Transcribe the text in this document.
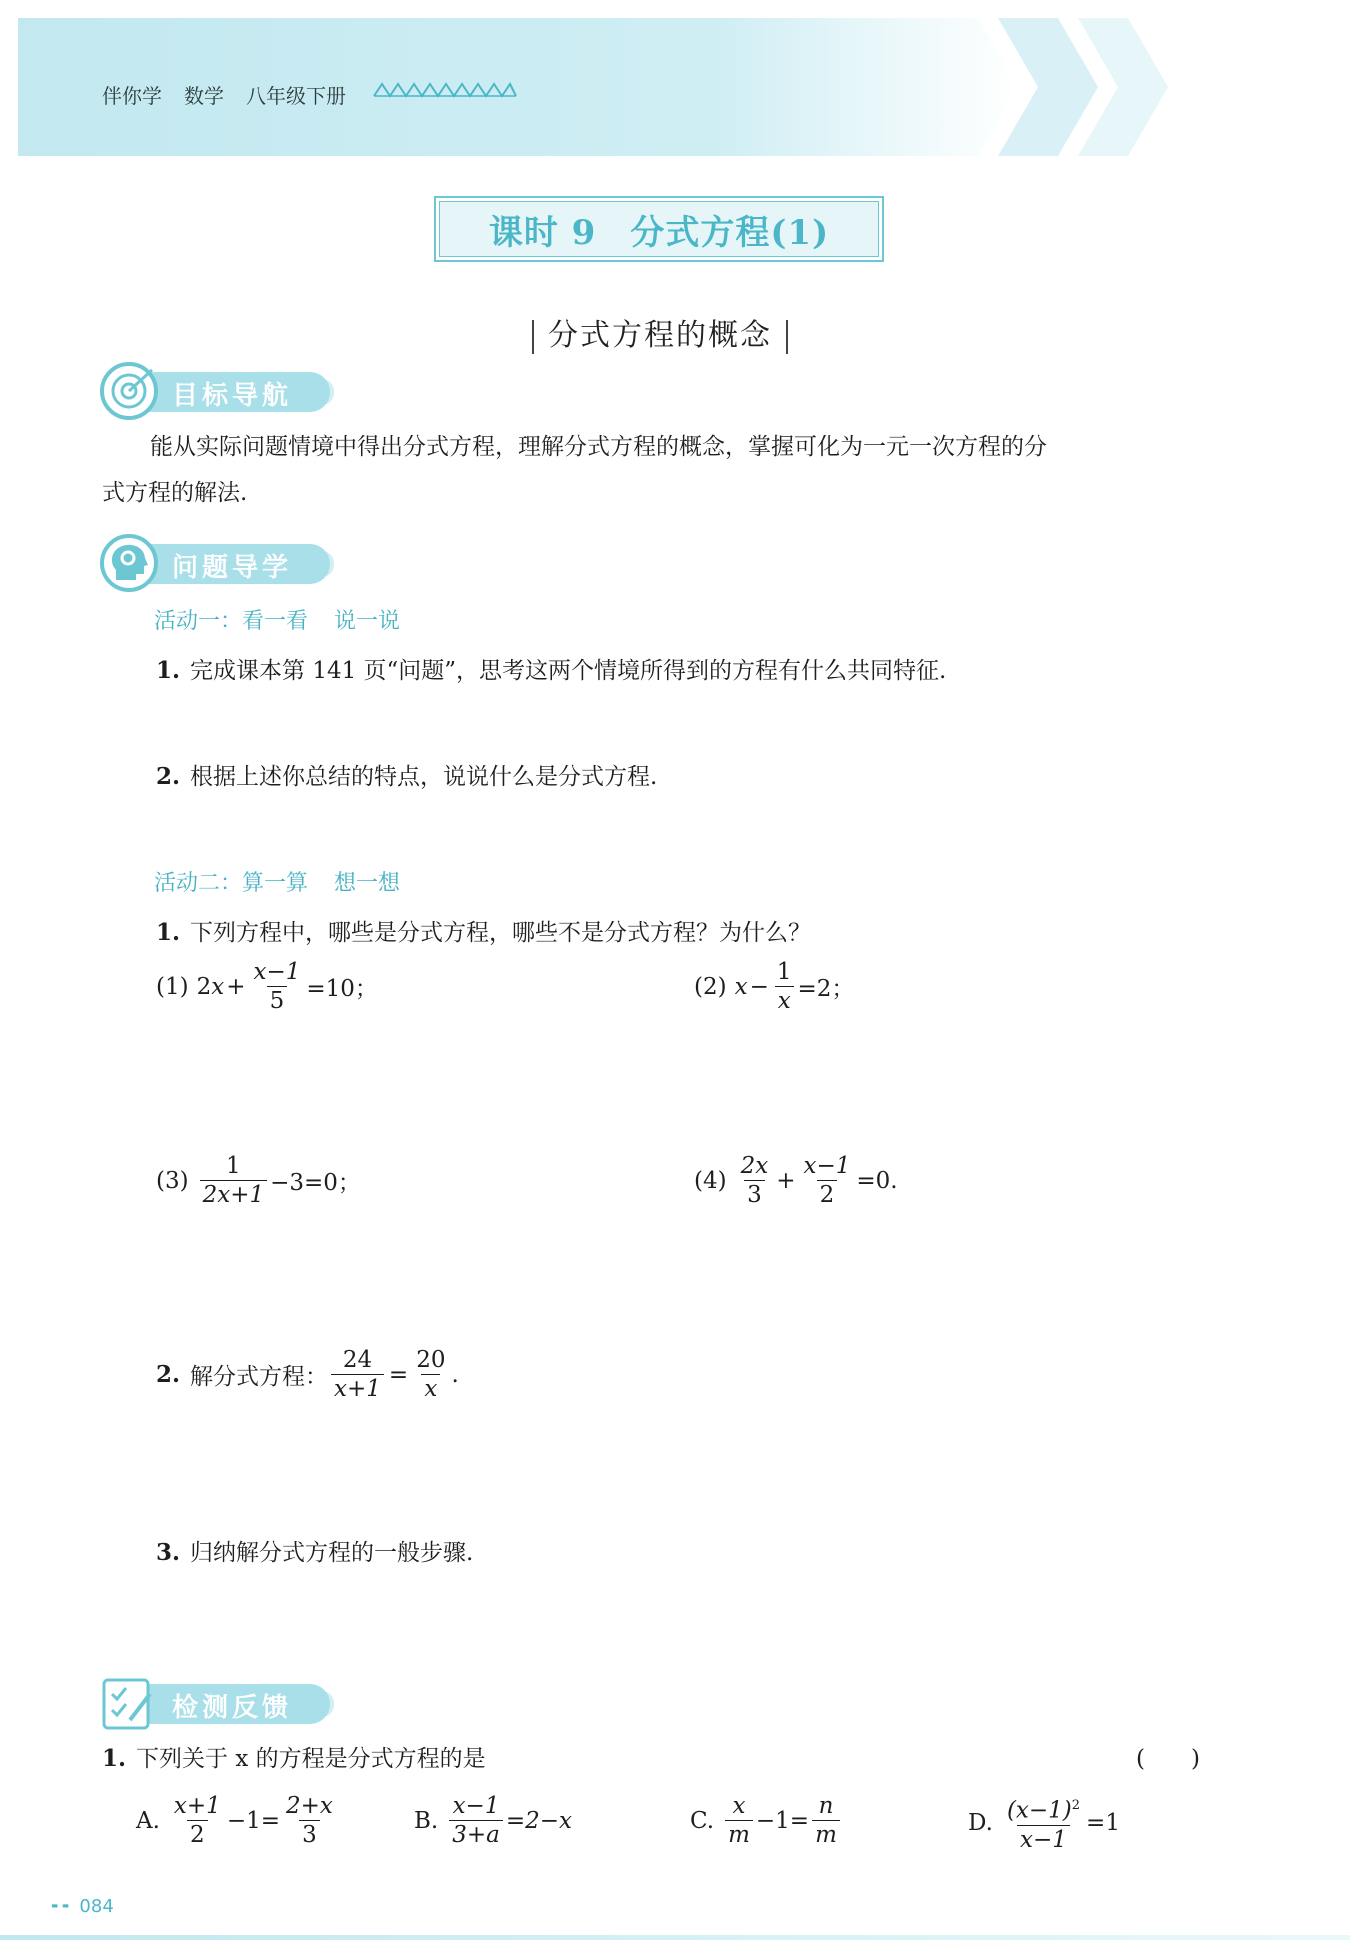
伴你学 数学 八年级下册
课时 9 分式方程(1)
分式方程的概念
目标导航
能从实际问题情境中得出分式方程，理解分式方程的概念，掌握可化为一元一次方程的分
式方程的解法.
问题导学
活动一：看一看 说一说
1. 完成课本第 141 页“问题”，思考这两个情境所得到的方程有什么共同特征.
2. 根据上述你总结的特点，说说什么是分式方程.
活动二：算一算 想一想
1. 下列方程中，哪些是分式方程，哪些不是分式方程？为什么？
(1) 2 $x + \frac{x-1}{5} =10$；	(2) $x - \frac{1}{x} =2$；
$(3) \frac{1}{2x+1} -3=0$；	$(4) \frac{2x}{3} + \frac{x-1}{2} =0$.
2. 解分式方程： $\frac{24}{x+1} = \frac{20}{x}$ .
3. 归纳解分式方程的一般步骤.
检测反馈
1. 下列关于 x 的方程是分式方程的是	(　　)
A. $\frac{x+1}{2} -1= \frac{2+x}{3}$	B. $\frac{x-1}{3+a} =2-x$	C. $\frac{x}{m} -1= \frac{n}{m}$	D. $\frac{(x-1)^2}{x-1} =1$
╸╸ 084
